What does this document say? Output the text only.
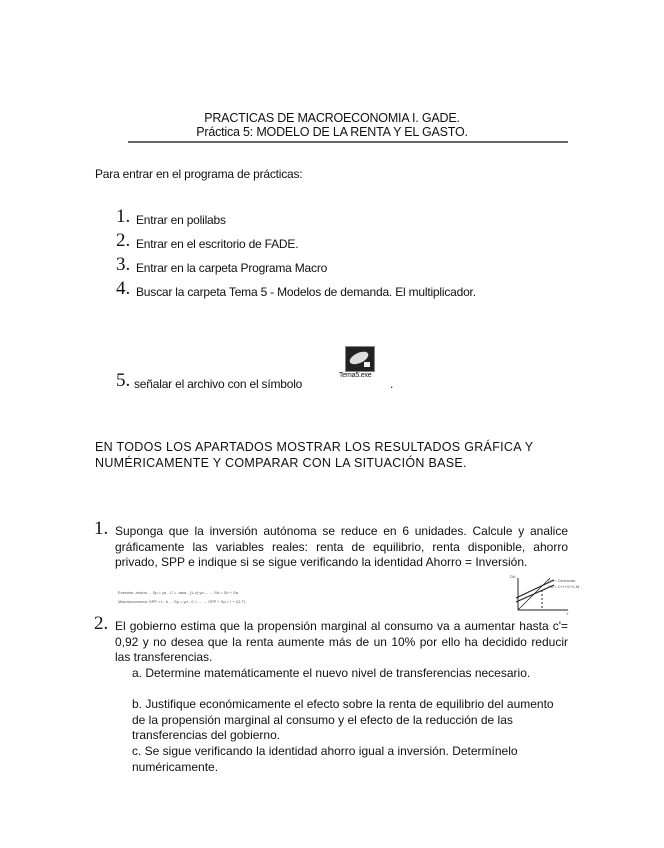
PRACTICAS DE MACROECONOMIA I. GADE.
Práctica 5: MODELO DE LA RENTA Y EL GASTO.
Para entrar en el programa de prácticas:
1. Entrar en polilabs
2. Entrar en el escritorio de FADE.
3. Entrar en la carpeta Programa Macro
4. Buscar la carpeta Tema 5 - Modelos de demanda. El multiplicador.
5. señalar el archivo con el símbolo
Tema5.exe
.
EN TODOS LOS APARTADOS MOSTRAR LOS RESULTADOS GRÁFICA Y
NUMÉRICAMENTE Y COMPARAR CON LA SITUACIÓN BASE.
1. Suponga que la inversión autónoma se reduce en 6 unidades. Calcule y analice gráficamente las variables reales: renta de equilibrio, renta disponible, ahorro privado, SPP e indique si se sigue verificando la identidad Ahorro = Inversión.
Exercise: ahorro ... Sp = yd - C = -tasa - (1-c)·yd ... → Sd = Sd + Sa
Macroeconomía: SPP = t - tr ... Sp = yd - C = ... → SPP + Sp = I + (G-T)
DA = Demanda
DA'= C+I+G+X-M
DA
Y
2. El gobierno estima que la propensión marginal al consumo va a aumentar hasta c'= 0,92 y no desea que la renta aumente más de un 10% por ello ha decidido reducir las transferencias.
a. Determine matemáticamente el nuevo nivel de transferencias necesario.
b. Justifique económicamente el efecto sobre la renta de equilibrio del aumento de la propensión marginal al consumo y el efecto de la reducción de las transferencias del gobierno.
c. Se sigue verificando la identidad ahorro igual a inversión. Determínelo numéricamente.
